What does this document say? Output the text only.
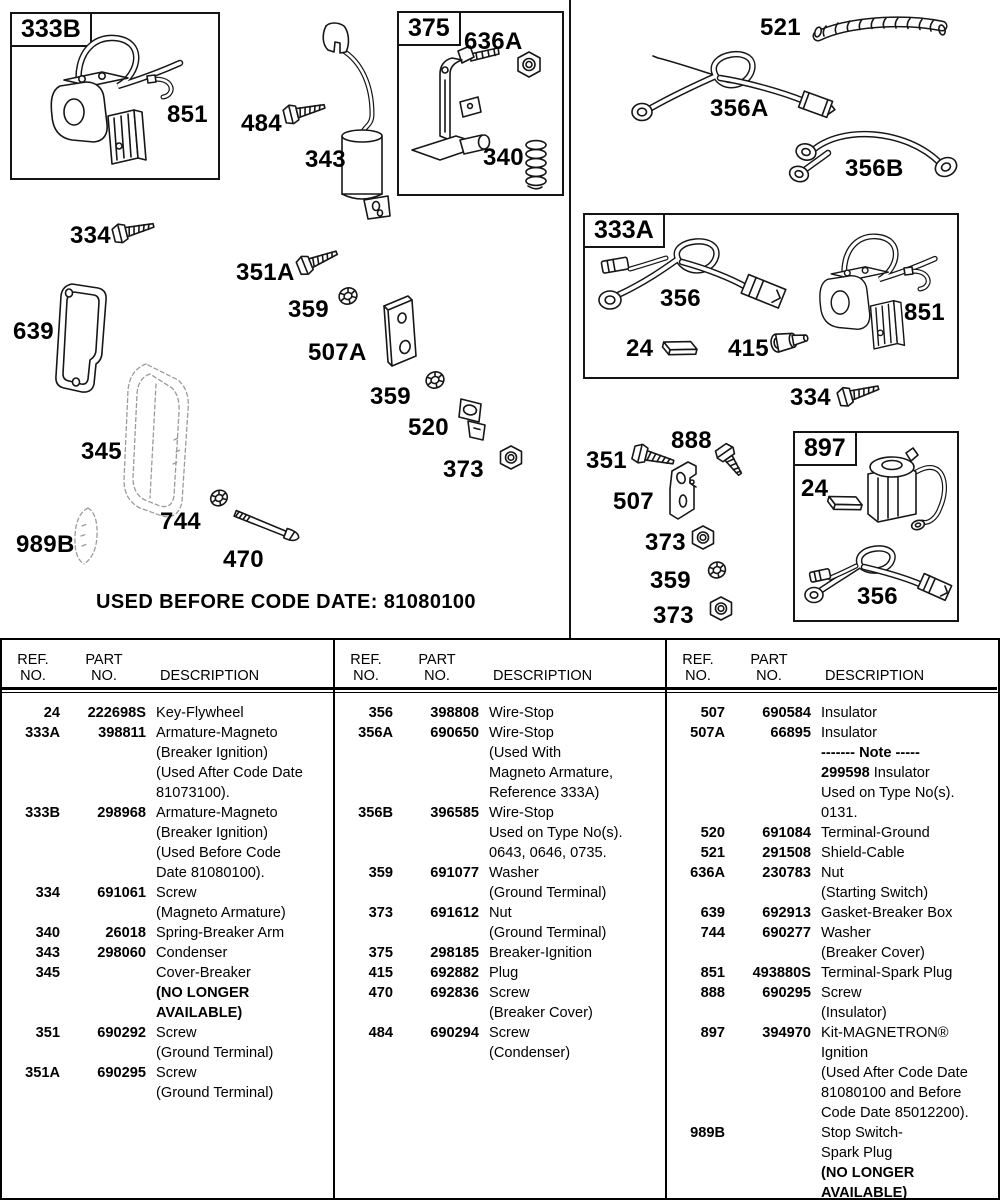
333B	375
333A
897
851 484
343
636A
340
521
356A
356B
334
351A
359
507A
359
520
373
639
345
989B
744
470
356
24	415
851
334
888
351
507
373
359
373
24
356
USED BEFORE CODE DATE: 81080100
REF.
NO.
PART
NO.	DESCRIPTION
24	222698S Key-Flywheel
333A	398811 Armature-Magneto
(Breaker Ignition)
(Used After Code Date
81073100).
333B	298968 Armature-Magneto
(Breaker Ignition)
(Used Before Code
Date 81080100).
334	691061 Screw
(Magneto Armature)
340	26018 Spring-Breaker Arm
343	298060 Condenser
345	Cover-Breaker
(NO LONGER
AVAILABLE)
351	690292 Screw
(Ground Terminal)
351A	690295 Screw
(Ground Terminal)
REF.
NO.
PART
NO.	DESCRIPTION
356	398808 Wire-Stop
356A	690650 Wire-Stop
(Used With
Magneto Armature,
Reference 333A)
356B	396585 Wire-Stop
Used on Type No(s).
0643, 0646, 0735.
359	691077 Washer
(Ground Terminal)
373	691612 Nut
(Ground Terminal)
375	298185 Breaker-Ignition
415	692882 Plug
470	692836 Screw
(Breaker Cover)
484	690294 Screw
(Condenser)
REF.
NO.
PART
NO.	DESCRIPTION
507	690584 Insulator
507A	66895 Insulator
------- Note -----
299598 Insulator
Used on Type No(s).
0131.
520	691084 Terminal-Ground
521	291508 Shield-Cable
636A	230783 Nut
(Starting Switch)
639	692913 Gasket-Breaker Box
744	690277 Washer
(Breaker Cover)
851	493880S Terminal-Spark Plug
888	690295 Screw
(Insulator)
897	394970 Kit-MAGNETRON®
Ignition
(Used After Code Date
81080100 and Before
Code Date 85012200).
989B	Stop Switch-
Spark Plug
(NO LONGER
AVAILABLE)
